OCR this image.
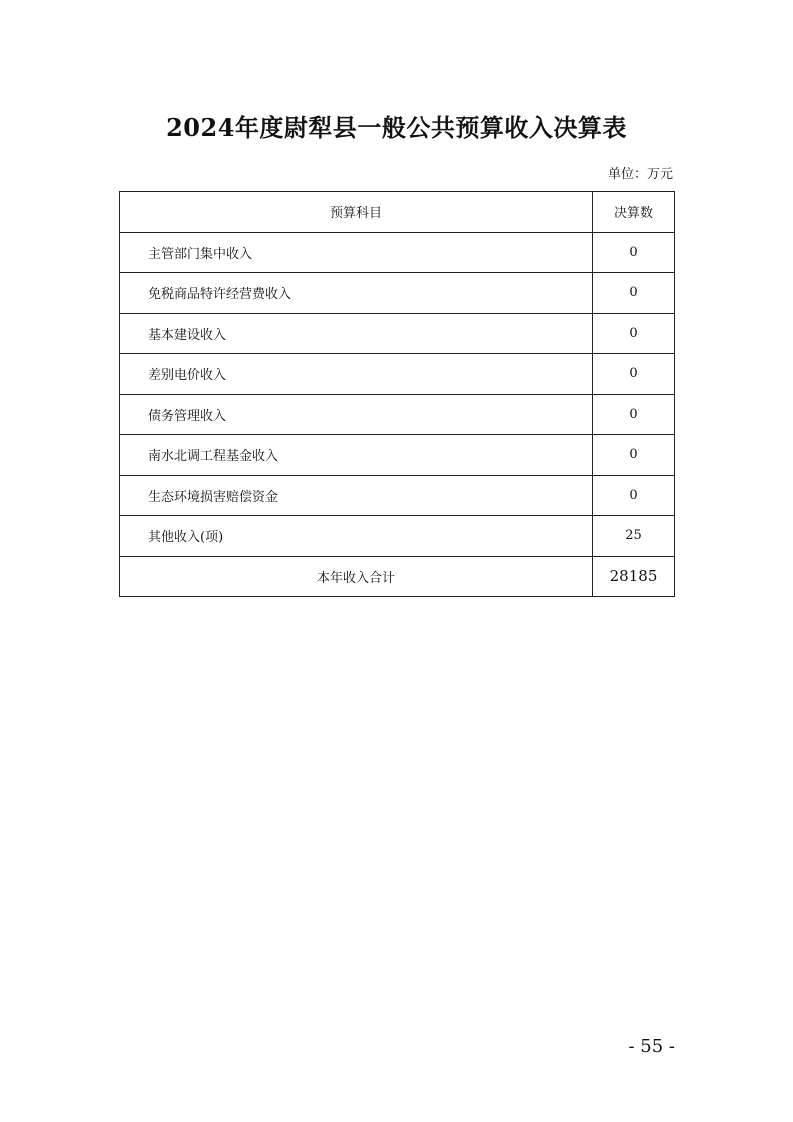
2024年度尉犁县一般公共预算收入决算表
单位：万元
预算科目	决算数
主管部门集中收入	0
免税商品特许经营费收入	0
基本建设收入	0
差别电价收入	0
债务管理收入	0
南水北调工程基金收入	0
生态环境损害赔偿资金	0
其他收入(项)	25
本年收入合计	28185
- 55 -
